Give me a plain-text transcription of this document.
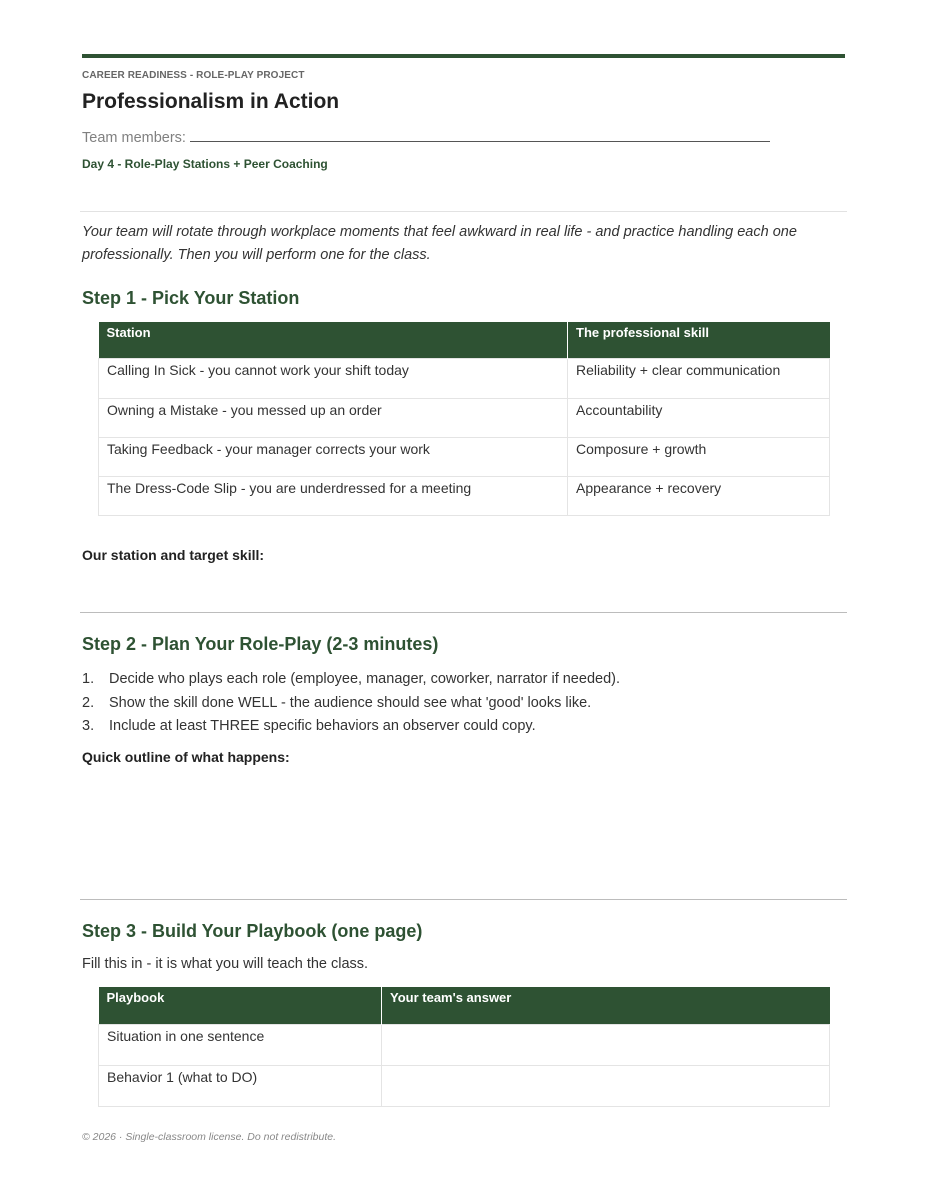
CAREER READINESS - ROLE-PLAY PROJECT
Professionalism in Action
Team members:
Day 4 - Role-Play Stations + Peer Coaching

Your team will rotate through workplace moments that feel awkward in real life - and practice handling each one professionally. Then you will perform one for the class.

Step 1 - Pick Your Station
Station	The professional skill
Calling In Sick - you cannot work your shift today	Reliability + clear communication
Owning a Mistake - you messed up an order	Accountability
Taking Feedback - your manager corrects your work	Composure + growth
The Dress-Code Slip - you are underdressed for a meeting	Appearance + recovery
Our station and target skill:
Step 2 - Plan Your Role-Play (2-3 minutes)
1. Decide who plays each role (employee, manager, coworker, narrator if needed).
2. Show the skill done WELL - the audience should see what 'good' looks like.
3. Include at least THREE specific behaviors an observer could copy.
Quick outline of what happens:
Step 3 - Build Your Playbook (one page)
Fill this in - it is what you will teach the class.
Playbook	Your team's answer
Situation in one sentence	
Behavior 1 (what to DO)	
© 2026 · Single-classroom license. Do not redistribute.
